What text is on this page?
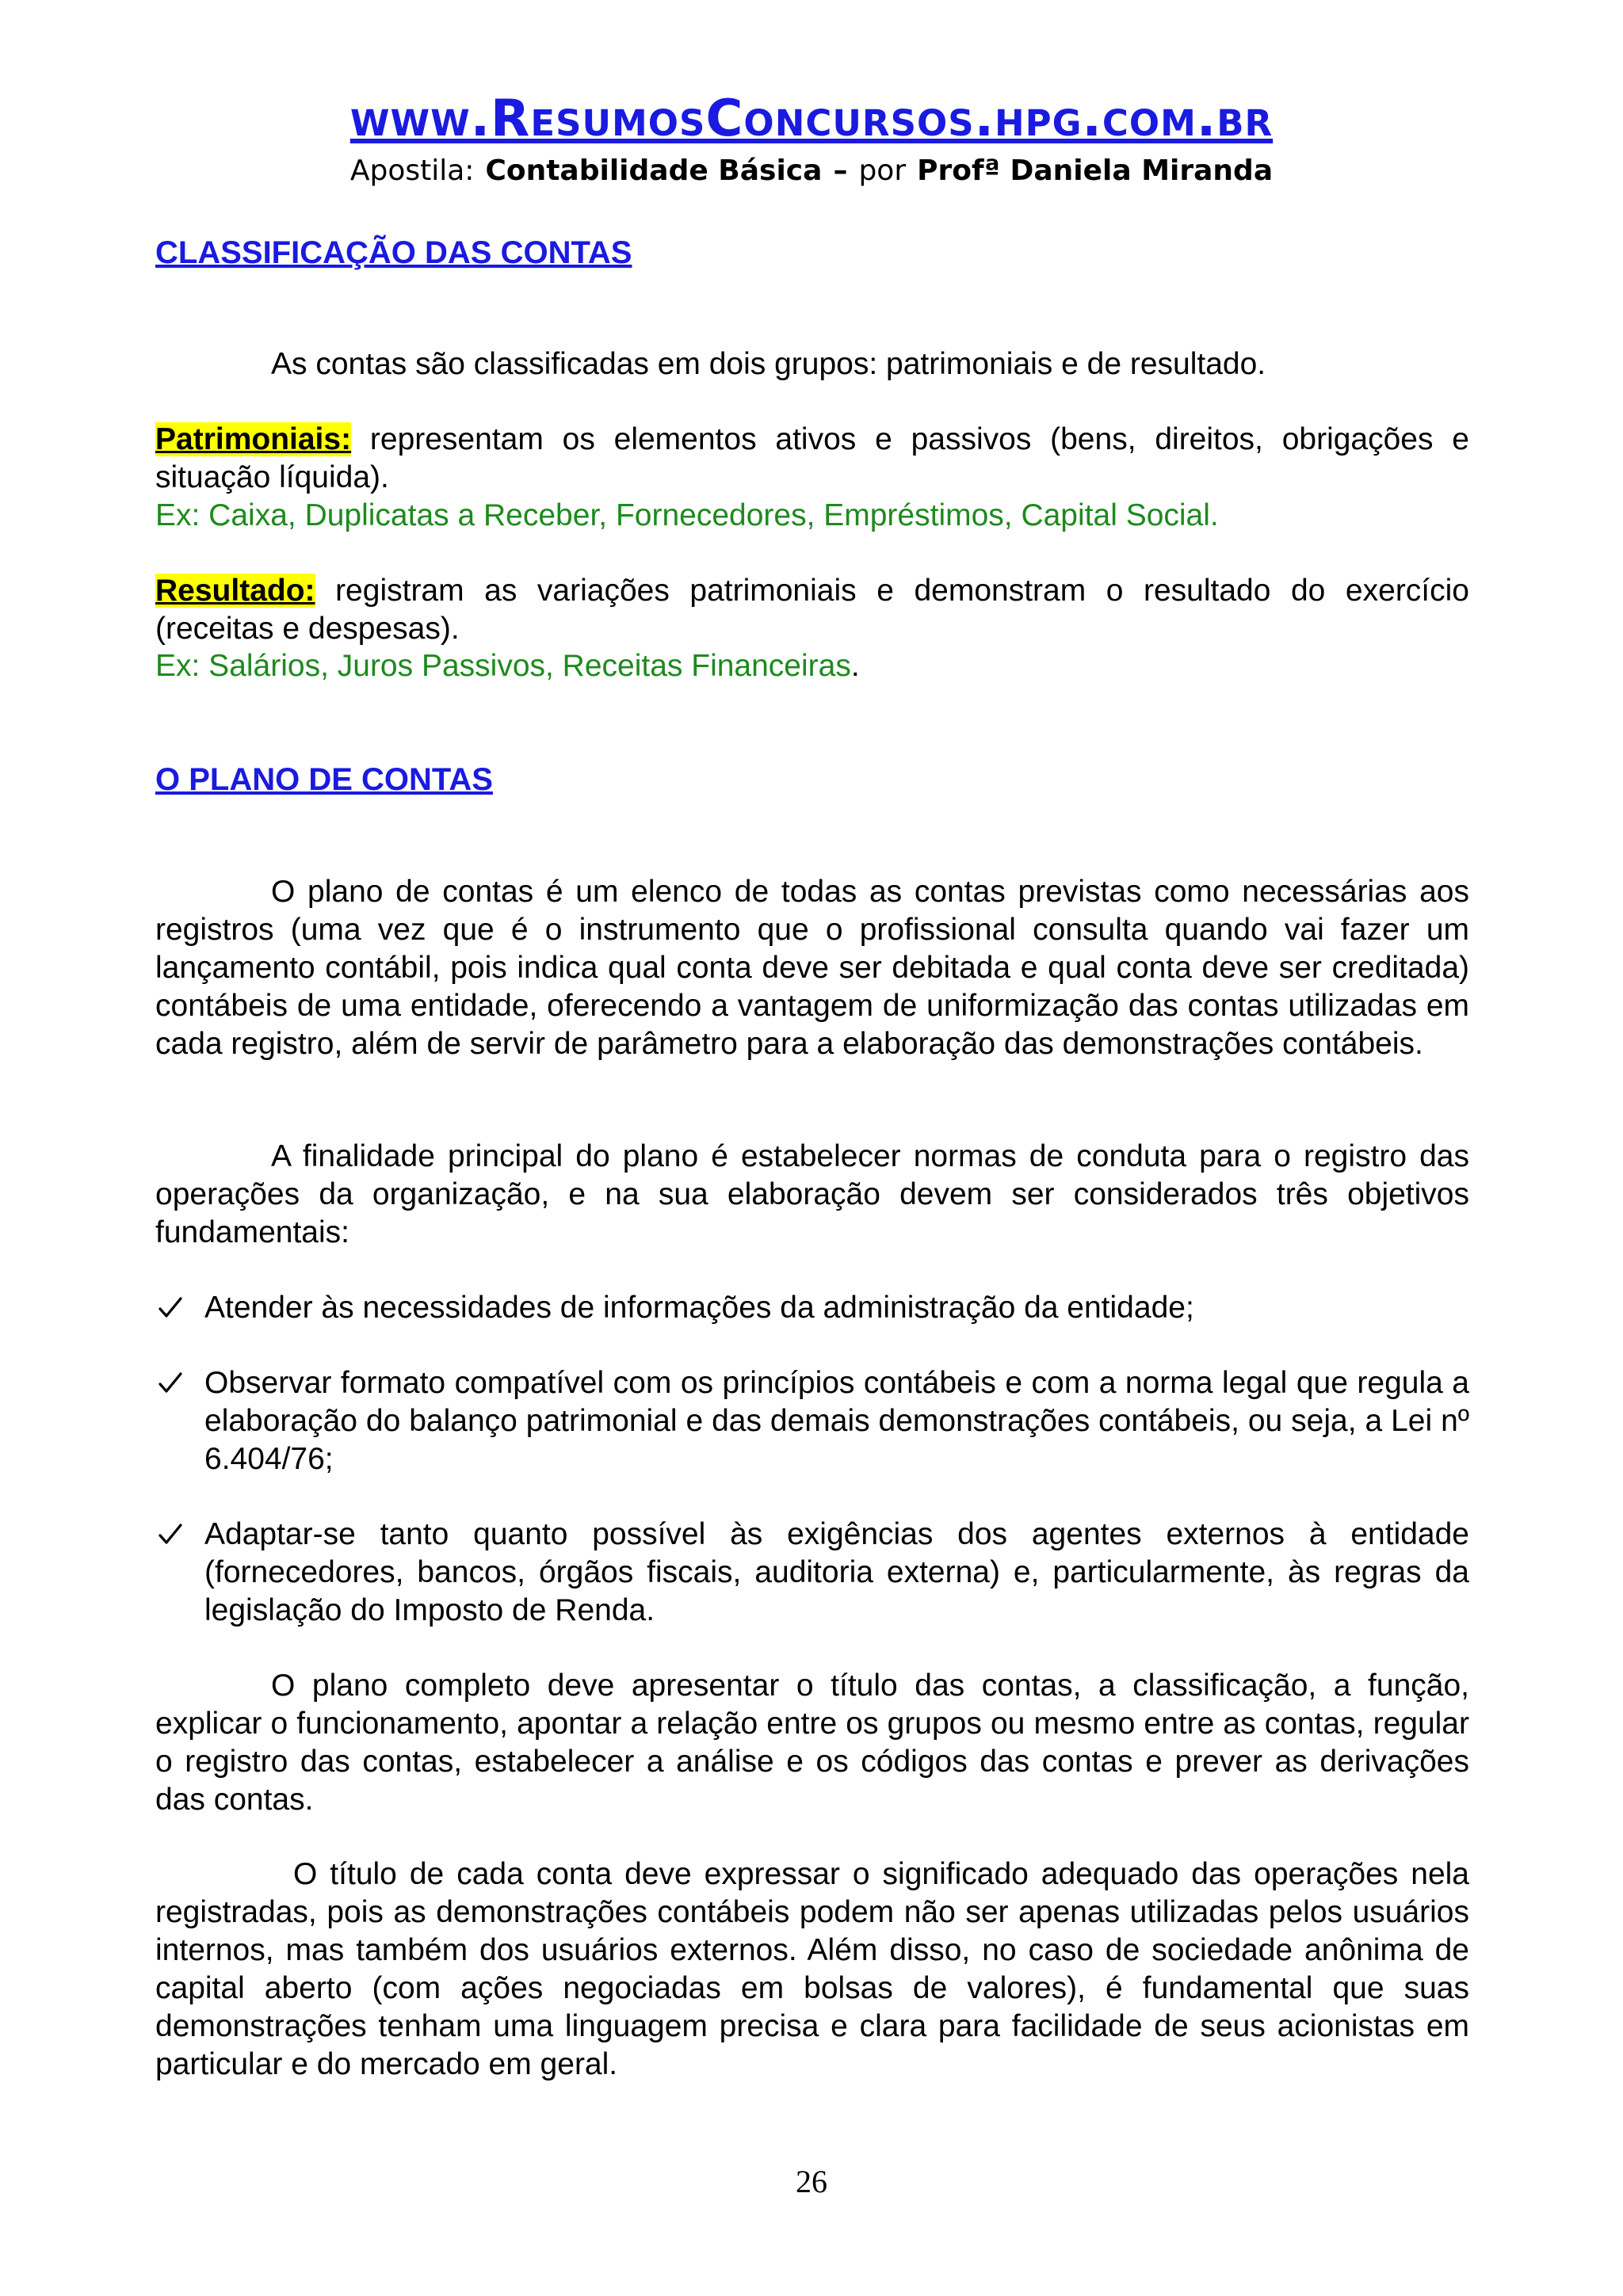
www.ResumosConcursos.hpg.com.br
Apostila: Contabilidade Básica – por Profª Daniela Miranda
CLASSIFICAÇÃO DAS CONTAS
As contas são classificadas em dois grupos: patrimoniais e de resultado.
Patrimoniais: representam os elementos ativos e passivos (bens, direitos, obrigações e situação líquida).
Ex: Caixa, Duplicatas a Receber, Fornecedores, Empréstimos, Capital Social.
Resultado: registram as variações patrimoniais e demonstram o resultado do exercício (receitas e despesas).
Ex: Salários, Juros Passivos, Receitas Financeiras.
O PLANO DE CONTAS
O plano de contas é um elenco de todas as contas previstas como necessárias aos registros (uma vez que é o instrumento que o profissional consulta quando vai fazer um lançamento contábil, pois indica qual conta deve ser debitada e qual conta deve ser creditada) contábeis de uma entidade, oferecendo a vantagem de uniformização das contas utilizadas em cada registro, além de servir de parâmetro para a elaboração das demonstrações contábeis.
A finalidade principal do plano é estabelecer normas de conduta para o registro das operações da organização, e na sua elaboração devem ser considerados três objetivos fundamentais:
Atender às necessidades de informações da administração da entidade;
Observar formato compatível com os princípios contábeis e com a norma legal que regula a elaboração do balanço patrimonial e das demais demonstrações contábeis, ou seja, a Lei nº 6.404/76;
Adaptar-se tanto quanto possível às exigências dos agentes externos à entidade (fornecedores, bancos, órgãos fiscais, auditoria externa) e, particularmente, às regras da legislação do Imposto de Renda.
O plano completo deve apresentar o título das contas, a classificação, a função, explicar o funcionamento, apontar a relação entre os grupos ou mesmo entre as contas, regular o registro das contas, estabelecer a análise e os códigos das contas e prever as derivações das contas.
O título de cada conta deve expressar o significado adequado das operações nela registradas, pois as demonstrações contábeis podem não ser apenas utilizadas pelos usuários internos, mas também dos usuários externos. Além disso, no caso de sociedade anônima de capital aberto (com ações negociadas em bolsas de valores), é fundamental que suas demonstrações tenham uma linguagem precisa e clara para facilidade de seus acionistas em particular e do mercado em geral.
26
